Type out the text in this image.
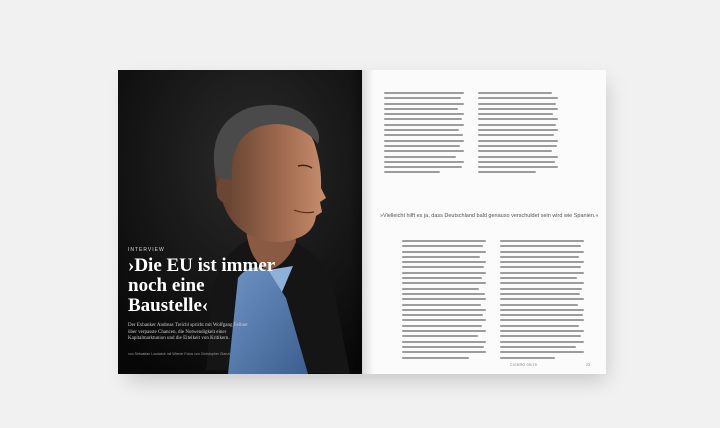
INTERVIEW
›Die EU ist immer noch eine Baustelle‹
Der Exbanker Andreas Treichl spricht mit Wolfgang Fellner über verpasste Chancen, die Notwendigkeit einer Kapitalmarktunion und die Eitelkeit von Kritikern.
von Sebastian Loudwick mit Wiener Fotos von Christopher Glanzl
»Vielleicht hilft es ja, dass Deutschland bald genauso verschuldet sein wird wie Spanien.«
CICERO 09/19	23
